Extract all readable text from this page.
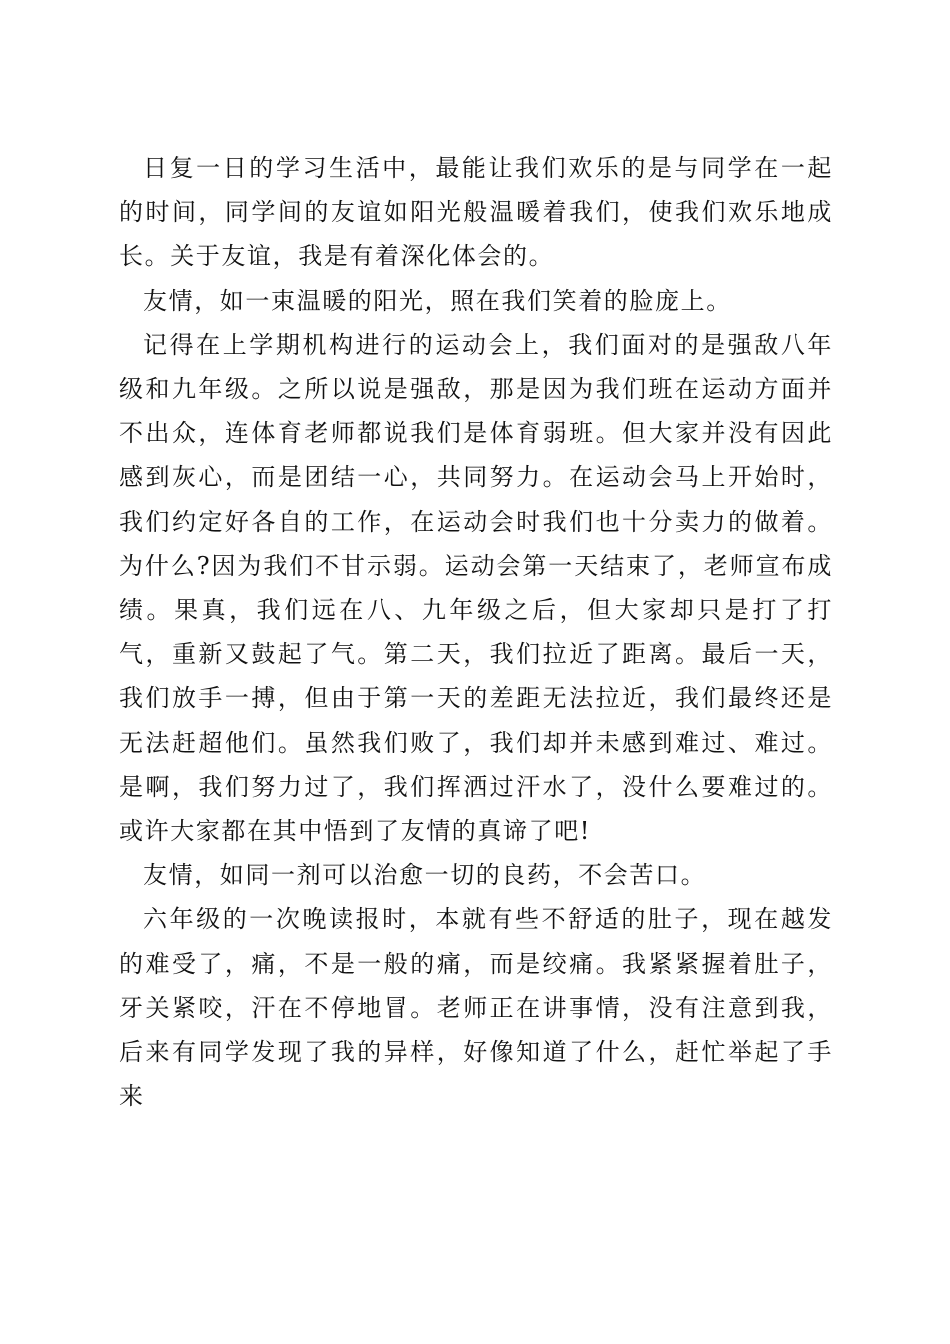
日复一日的学习生活中，最能让我们欢乐的是与同学在一起的时间，同学间的友谊如阳光般温暖着我们，使我们欢乐地成长。关于友谊，我是有着深化体会的。

友情，如一束温暖的阳光，照在我们笑着的脸庞上。

记得在上学期机构进行的运动会上，我们面对的是强敌八年级和九年级。之所以说是强敌，那是因为我们班在运动方面并不出众，连体育老师都说我们是体育弱班。但大家并没有因此感到灰心，而是团结一心，共同努力。在运动会马上开始时，我们约定好各自的工作，在运动会时我们也十分卖力的做着。为什么?因为我们不甘示弱。运动会第一天结束了，老师宣布成绩。果真，我们远在八、九年级之后，但大家却只是打了打气，重新又鼓起了气。第二天，我们拉近了距离。最后一天，我们放手一搏，但由于第一天的差距无法拉近，我们最终还是无法赶超他们。虽然我们败了，我们却并未感到难过、难过。是啊，我们努力过了，我们挥洒过汗水了，没什么要难过的。或许大家都在其中悟到了友情的真谛了吧!

友情，如同一剂可以治愈一切的良药，不会苦口。

六年级的一次晚读报时，本就有些不舒适的肚子，现在越发的难受了，痛，不是一般的痛，而是绞痛。我紧紧握着肚子，牙关紧咬，汗在不停地冒。老师正在讲事情，没有注意到我，后来有同学发现了我的异样，好像知道了什么，赶忙举起了手来
